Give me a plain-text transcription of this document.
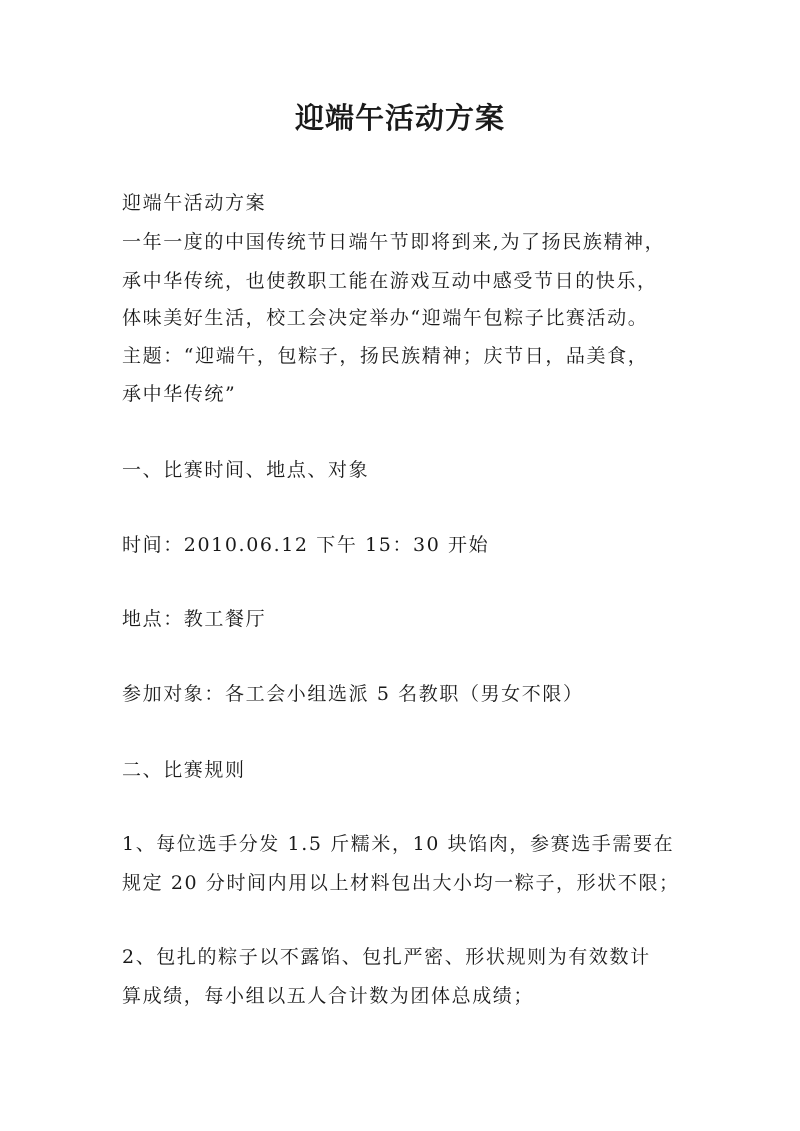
迎端午活动方案
迎端午活动方案
一年一度的中国传统节日端午节即将到来,为了扬民族精神，
承中华传统，也使教职工能在游戏互动中感受节日的快乐，
体味美好生活，校工会决定举办“迎端午包粽子比赛活动。
主题：“迎端午，包粽子，扬民族精神；庆节日，品美食，
承中华传统”
一、比赛时间、地点、对象
时间：2010.06.12 下午 15：30 开始
地点：教工餐厅
参加对象：各工会小组选派 5 名教职（男女不限）
二、比赛规则
1、每位选手分发 1.5 斤糯米，10 块馅肉，参赛选手需要在
规定 20 分时间内用以上材料包出大小均一粽子，形状不限；
2、包扎的粽子以不露馅、包扎严密、形状规则为有效数计
算成绩，每小组以五人合计数为团体总成绩；
